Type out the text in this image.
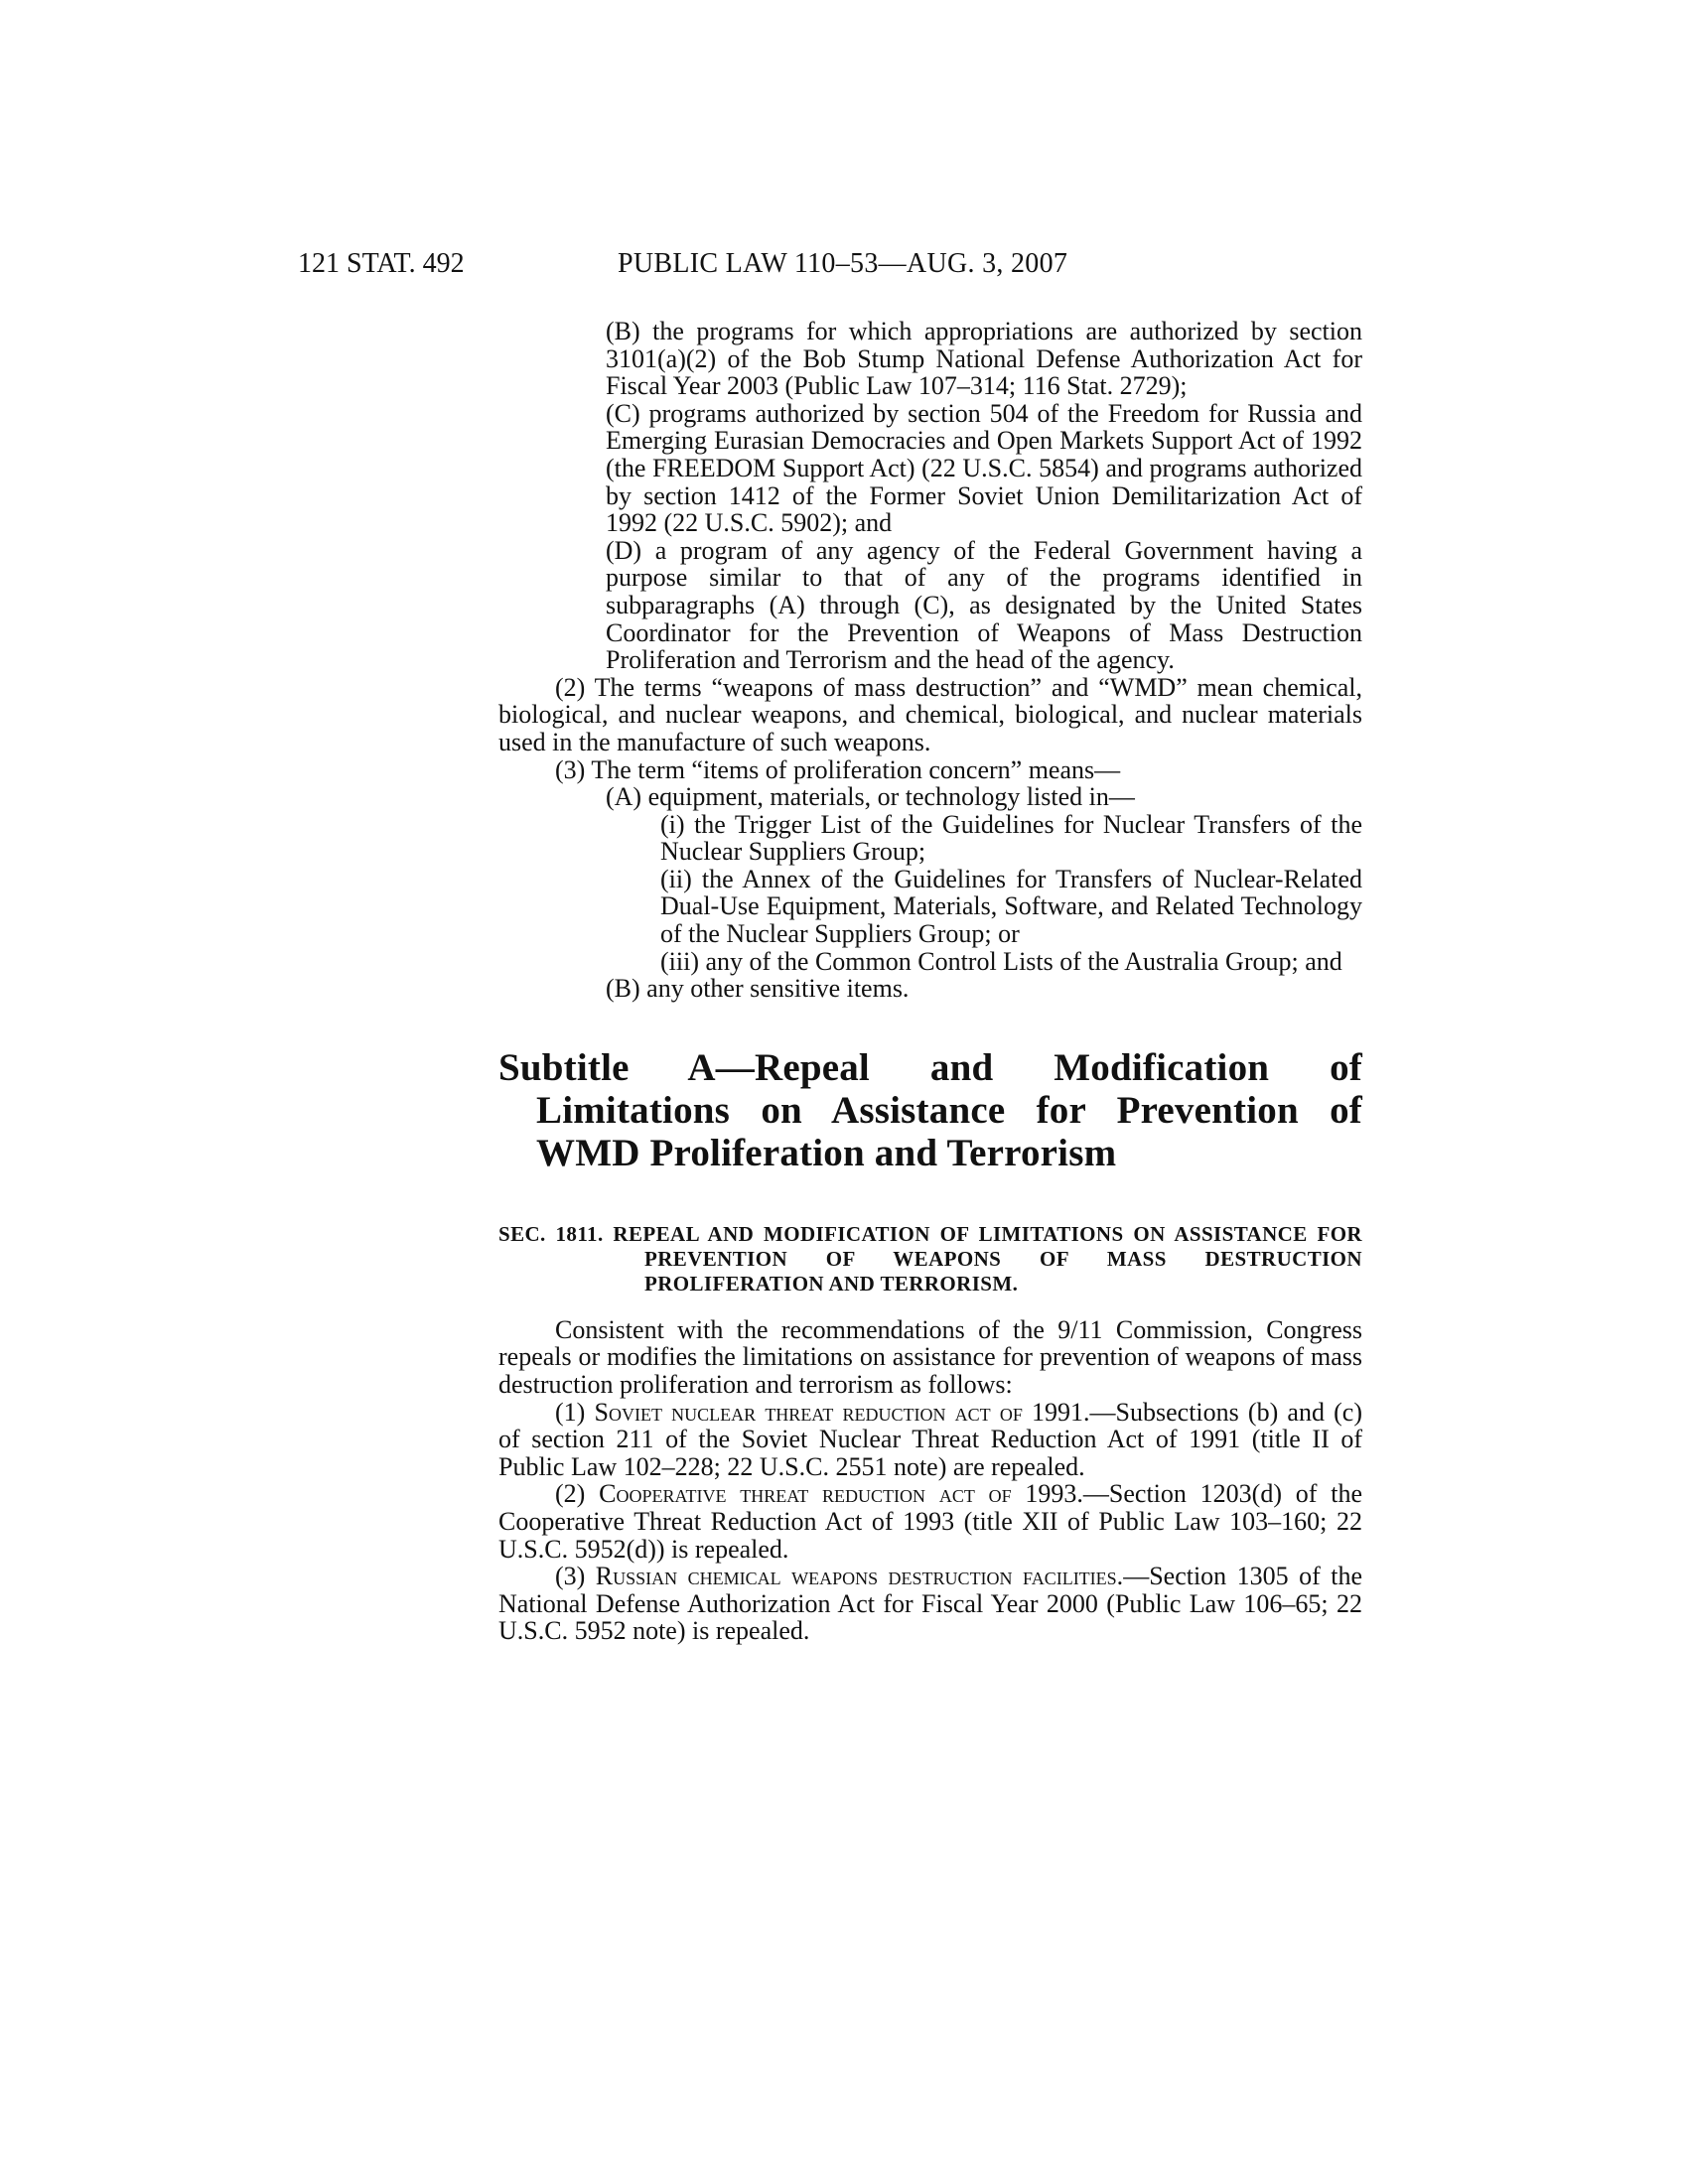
121 STAT. 492	PUBLIC LAW 110–53—AUG. 3, 2007

(B) the programs for which appropriations are authorized by section 3101(a)(2) of the Bob Stump National Defense Authorization Act for Fiscal Year 2003 (Public Law 107–314; 116 Stat. 2729);

(C) programs authorized by section 504 of the Freedom for Russia and Emerging Eurasian Democracies and Open Markets Support Act of 1992 (the FREEDOM Support Act) (22 U.S.C. 5854) and programs authorized by section 1412 of the Former Soviet Union Demilitarization Act of 1992 (22 U.S.C. 5902); and

(D) a program of any agency of the Federal Government having a purpose similar to that of any of the programs identified in subparagraphs (A) through (C), as designated by the United States Coordinator for the Prevention of Weapons of Mass Destruction Proliferation and Terrorism and the head of the agency.

(2) The terms “weapons of mass destruction” and “WMD” mean chemical, biological, and nuclear weapons, and chemical, biological, and nuclear materials used in the manufacture of such weapons.

(3) The term “items of proliferation concern” means—

(A) equipment, materials, or technology listed in—

(i) the Trigger List of the Guidelines for Nuclear Transfers of the Nuclear Suppliers Group;

(ii) the Annex of the Guidelines for Transfers of Nuclear-Related Dual-Use Equipment, Materials, Software, and Related Technology of the Nuclear Suppliers Group; or

(iii) any of the Common Control Lists of the Australia Group; and

(B) any other sensitive items.

Subtitle A—Repeal and Modification of Limitations on Assistance for Prevention of WMD Proliferation and Terrorism
SEC. 1811. REPEAL AND MODIFICATION OF LIMITATIONS ON ASSISTANCE FOR PREVENTION OF WEAPONS OF MASS DESTRUCTION PROLIFERATION AND TERRORISM.

Consistent with the recommendations of the 9/11 Commission, Congress repeals or modifies the limitations on assistance for prevention of weapons of mass destruction proliferation and terrorism as follows:

(1) Soviet nuclear threat reduction act of 1991.—Subsections (b) and (c) of section 211 of the Soviet Nuclear Threat Reduction Act of 1991 (title II of Public Law 102–228; 22 U.S.C. 2551 note) are repealed.

(2) Cooperative threat reduction act of 1993.—Section 1203(d) of the Cooperative Threat Reduction Act of 1993 (title XII of Public Law 103–160; 22 U.S.C. 5952(d)) is repealed.

(3) Russian chemical weapons destruction facilities.—Section 1305 of the National Defense Authorization Act for Fiscal Year 2000 (Public Law 106–65; 22 U.S.C. 5952 note) is repealed.
